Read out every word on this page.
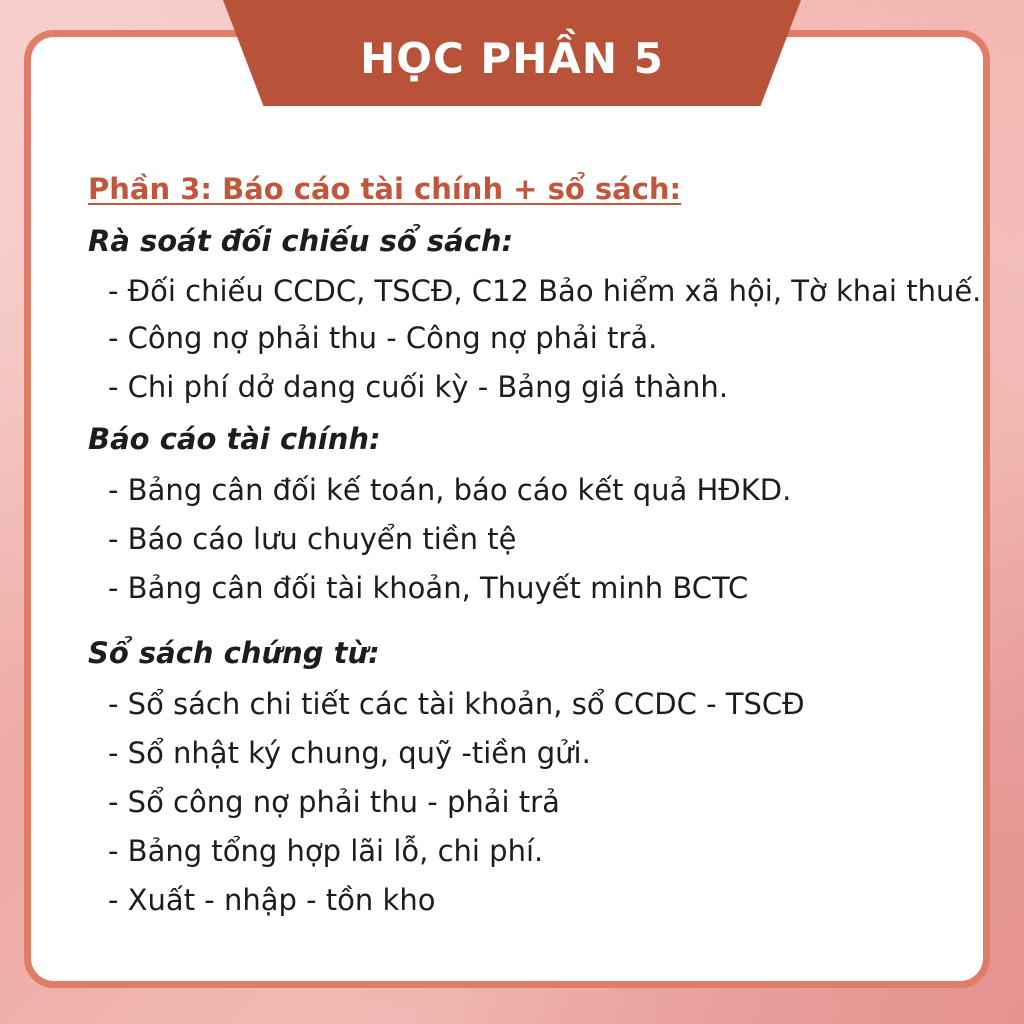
Phần 3: Báo cáo tài chính + sổ sách:

Rà soát đối chiếu sổ sách:

- Đối chiếu CCDC, TSCĐ, C12 Bảo hiểm xã hội, Tờ khai thuế.

- Công nợ phải thu - Công nợ phải trả.

- Chi phí dở dang cuối kỳ - Bảng giá thành.

Báo cáo tài chính:

- Bảng cân đối kế toán, báo cáo kết quả HĐKD.

- Báo cáo lưu chuyển tiền tệ

- Bảng cân đối tài khoản, Thuyết minh BCTC

Sổ sách chứng từ:

- Sổ sách chi tiết các tài khoản, sổ CCDC - TSCĐ

- Sổ nhật ký chung, quỹ -tiền gửi.

- Sổ công nợ phải thu - phải trả

- Bảng tổng hợp lãi lỗ, chi phí.

- Xuất - nhập - tồn kho

HỌC PHẦN 5
